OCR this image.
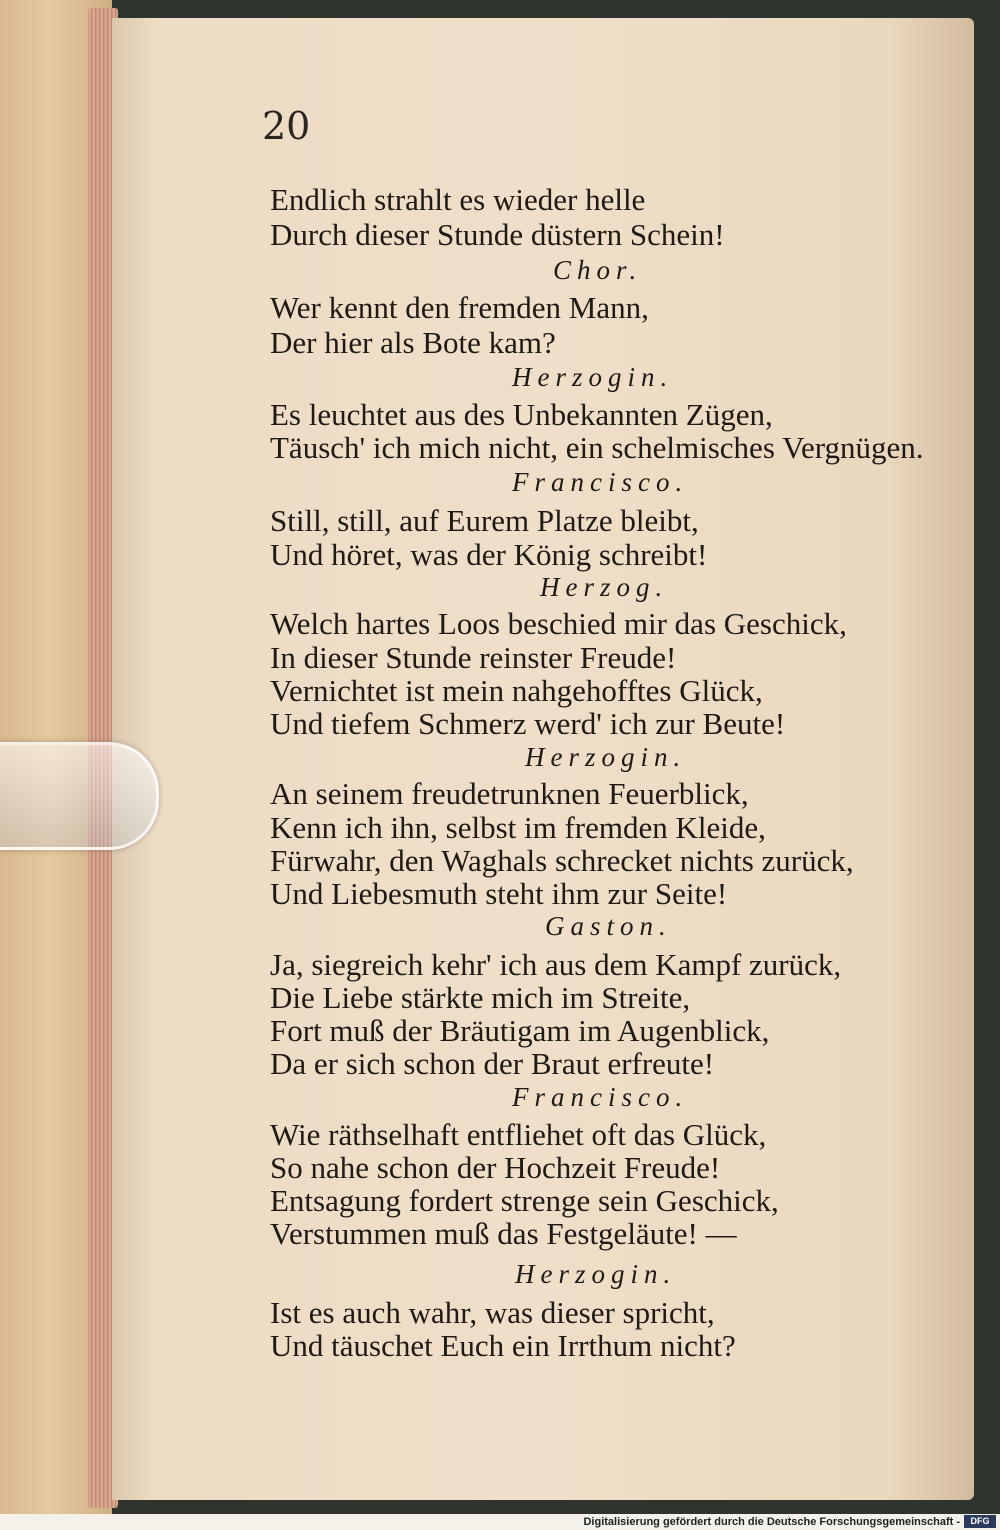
20
Endlich strahlt es wieder helle
Durch dieser Stunde düstern Schein!
Chor.
Wer kennt den fremden Mann,
Der hier als Bote kam?
Herzogin.
Es leuchtet aus des Unbekannten Zügen,
Täusch' ich mich nicht, ein schelmisches Vergnügen.
Francisco.
Still, still, auf Eurem Platze bleibt,
Und höret, was der König schreibt!
Herzog.
Welch hartes Loos beschied mir das Geschick,
In dieser Stunde reinster Freude!
Vernichtet ist mein nahgehofftes Glück,
Und tiefem Schmerz werd' ich zur Beute!
Herzogin.
An seinem freudetrunknen Feuerblick,
Kenn ich ihn, selbst im fremden Kleide,
Fürwahr, den Waghals schrecket nichts zurück,
Und Liebesmuth steht ihm zur Seite!
Gaston.
Ja, siegreich kehr' ich aus dem Kampf zurück,
Die Liebe stärkte mich im Streite,
Fort muß der Bräutigam im Augenblick,
Da er sich schon der Braut erfreute!
Francisco.
Wie räthselhaft entfliehet oft das Glück,
So nahe schon der Hochzeit Freude!
Entsagung fordert strenge sein Geschick,
Verstummen muß das Festgeläute! —
Herzogin.
Ist es auch wahr, was dieser spricht,
Und täuschet Euch ein Irrthum nicht?
Digitalisierung gefördert durch die Deutsche Forschungsgemeinschaft -	DFG
